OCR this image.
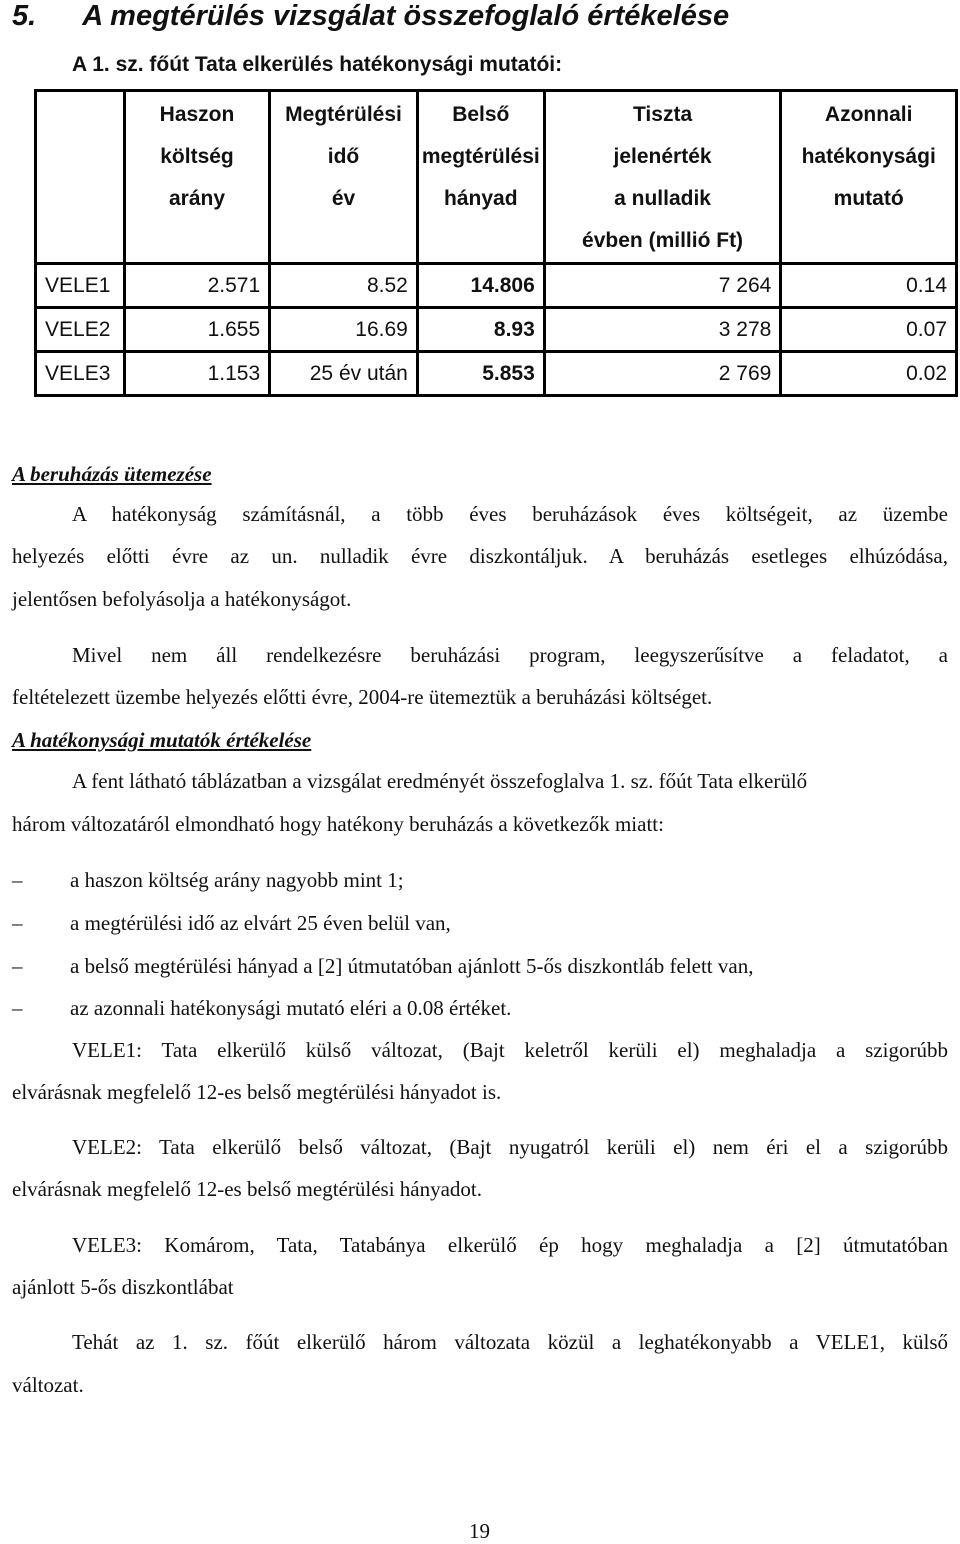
5. A megtérülés vizsgálat összefoglaló értékelése
A 1. sz. főút Tata elkerülés hatékonysági mutatói:

	Haszon
költség
arány	Megtérülési
idő
év	Belső
megtérülési
hányad	Tiszta
jelenérték
a nulladik
évben (millió Ft)	Azonnali
hatékonysági
mutató

VELE1	2.571	8.52	14.806	7 264	0.14
VELE2	1.655	16.69	8.93	3 278	0.07
VELE3	1.153	25 év után	5.853	2 769	0.02
A beruházás ütemezése
A hatékonyság számításnál, a több éves beruházások éves költségeit, az üzembe
helyezés előtti évre az un. nulladik évre diszkontáljuk. A beruházás esetleges elhúzódása,
jelentősen befolyásolja a hatékonyságot.
Mivel nem áll rendelkezésre beruházási program, leegyszerűsítve a feladatot, a
feltételezett üzembe helyezés előtti évre, 2004-re ütemeztük a beruházási költséget.
A hatékonysági mutatók értékelése
A fent látható táblázatban a vizsgálat eredményét összefoglalva 1. sz. főút Tata elkerülő
három változatáról elmondható hogy hatékony beruházás a következők miatt:
– a haszon költség arány nagyobb mint 1;
– a megtérülési idő az elvárt 25 éven belül van,
– a belső megtérülési hányad a [2] útmutatóban ajánlott 5-ős diszkontláb felett van,
– az azonnali hatékonysági mutató eléri a 0.08 értéket.
VELE1: Tata elkerülő külső változat, (Bajt keletről kerüli el) meghaladja a szigorúbb
elvárásnak megfelelő 12-es belső megtérülési hányadot is.
VELE2: Tata elkerülő belső változat, (Bajt nyugatról kerüli el) nem éri el a szigorúbb
elvárásnak megfelelő 12-es belső megtérülési hányadot.
VELE3: Komárom, Tata, Tatabánya elkerülő ép hogy meghaladja a [2] útmutatóban
ajánlott 5-ős diszkontlábat
Tehát az 1. sz. főút elkerülő három változata közül a leghatékonyabb a VELE1, külső
változat.
19
